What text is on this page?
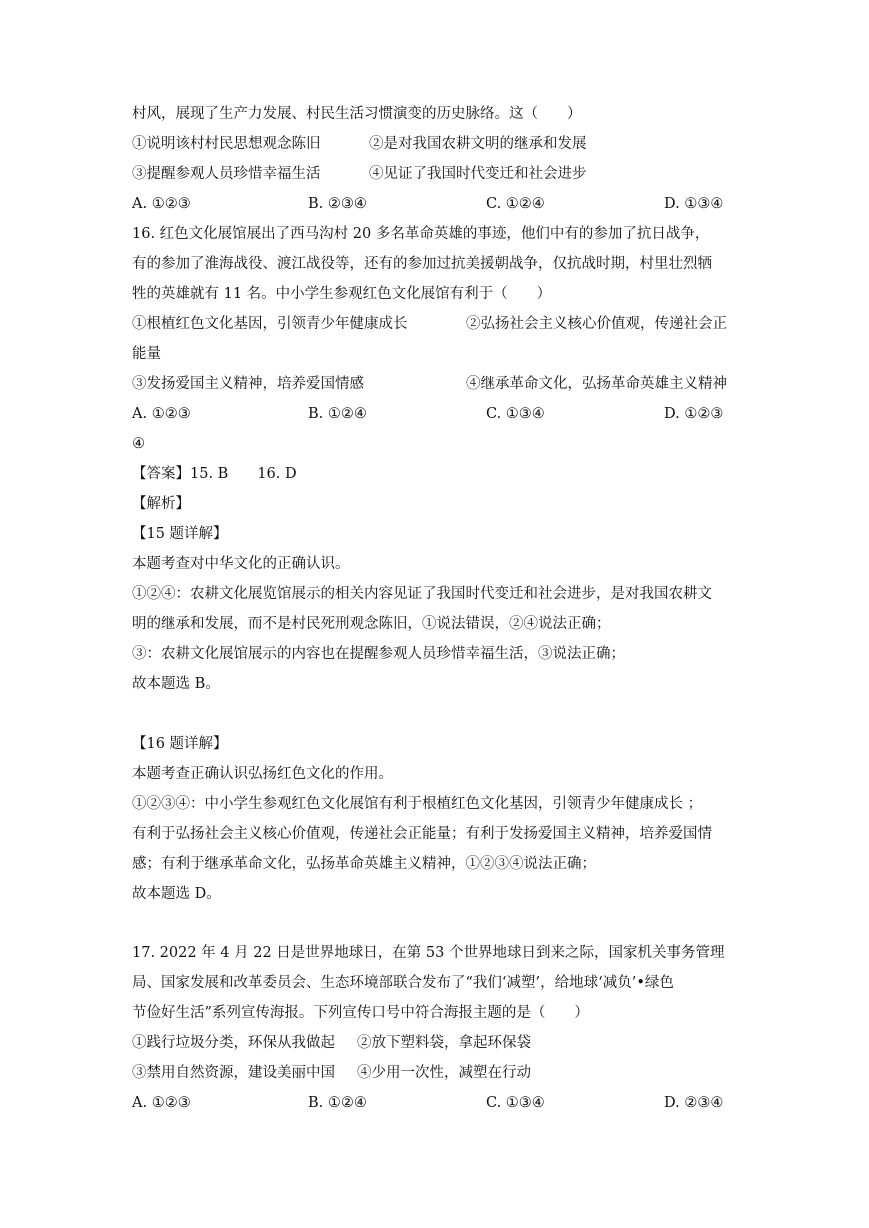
村风，展现了生产力发展、村民生活习惯演变的历史脉络。这（　　）
①说明该村村民思想观念陈旧	②是对我国农耕文明的继承和发展
③提醒参观人员珍惜幸福生活	④见证了我国时代变迁和社会进步
A. ①②③	B. ②③④	C. ①②④	D. ①③④
16. 红色文化展馆展出了西马沟村 20 多名革命英雄的事迹，他们中有的参加了抗日战争，
有的参加了淮海战役、渡江战役等，还有的参加过抗美援朝战争，仅抗战时期，村里壮烈牺
牲的英雄就有 11 名。中小学生参观红色文化展馆有利于（　　）
①根植红色文化基因，引领青少年健康成长	②弘扬社会主义核心价值观，传递社会正
能量
③发扬爱国主义精神，培养爱国情感	④继承革命文化，弘扬革命英雄主义精神
A. ①②③	B. ①②④	C. ①③④	D. ①②③
④
【答案】15. B　　16. D
【解析】
【15 题详解】
本题考查对中华文化的正确认识。
①②④：农耕文化展览馆展示的相关内容见证了我国时代变迁和社会进步，是对我国农耕文
明的继承和发展，而不是村民死刑观念陈旧，①说法错误，②④说法正确；
③：农耕文化展馆展示的内容也在提醒参观人员珍惜幸福生活，③说法正确；
故本题选 B。
【16 题详解】
本题考查正确认识弘扬红色文化的作用。
①②③④：中小学生参观红色文化展馆有利于根植红色文化基因，引领青少年健康成长 ；
有利于弘扬社会主义核心价值观，传递社会正能量；有利于发扬爱国主义精神，培养爱国情
感；有利于继承革命文化，弘扬革命英雄主义精神，①②③④说法正确；
故本题选 D。
17. 2022 年 4 月 22 日是世界地球日，在第 53 个世界地球日到来之际，国家机关事务管理
局、国家发展和改革委员会、生态环境部联合发布了“我们‘减塑’，给地球‘减负’•绿色
节俭好生活”系列宣传海报。下列宣传口号中符合海报主题的是（　　）
①践行垃圾分类，环保从我做起 ②放下塑料袋，拿起环保袋
③禁用自然资源，建设美丽中国 ④少用一次性，减塑在行动
A. ①②③	B. ①②④	C. ①③④	D. ②③④
